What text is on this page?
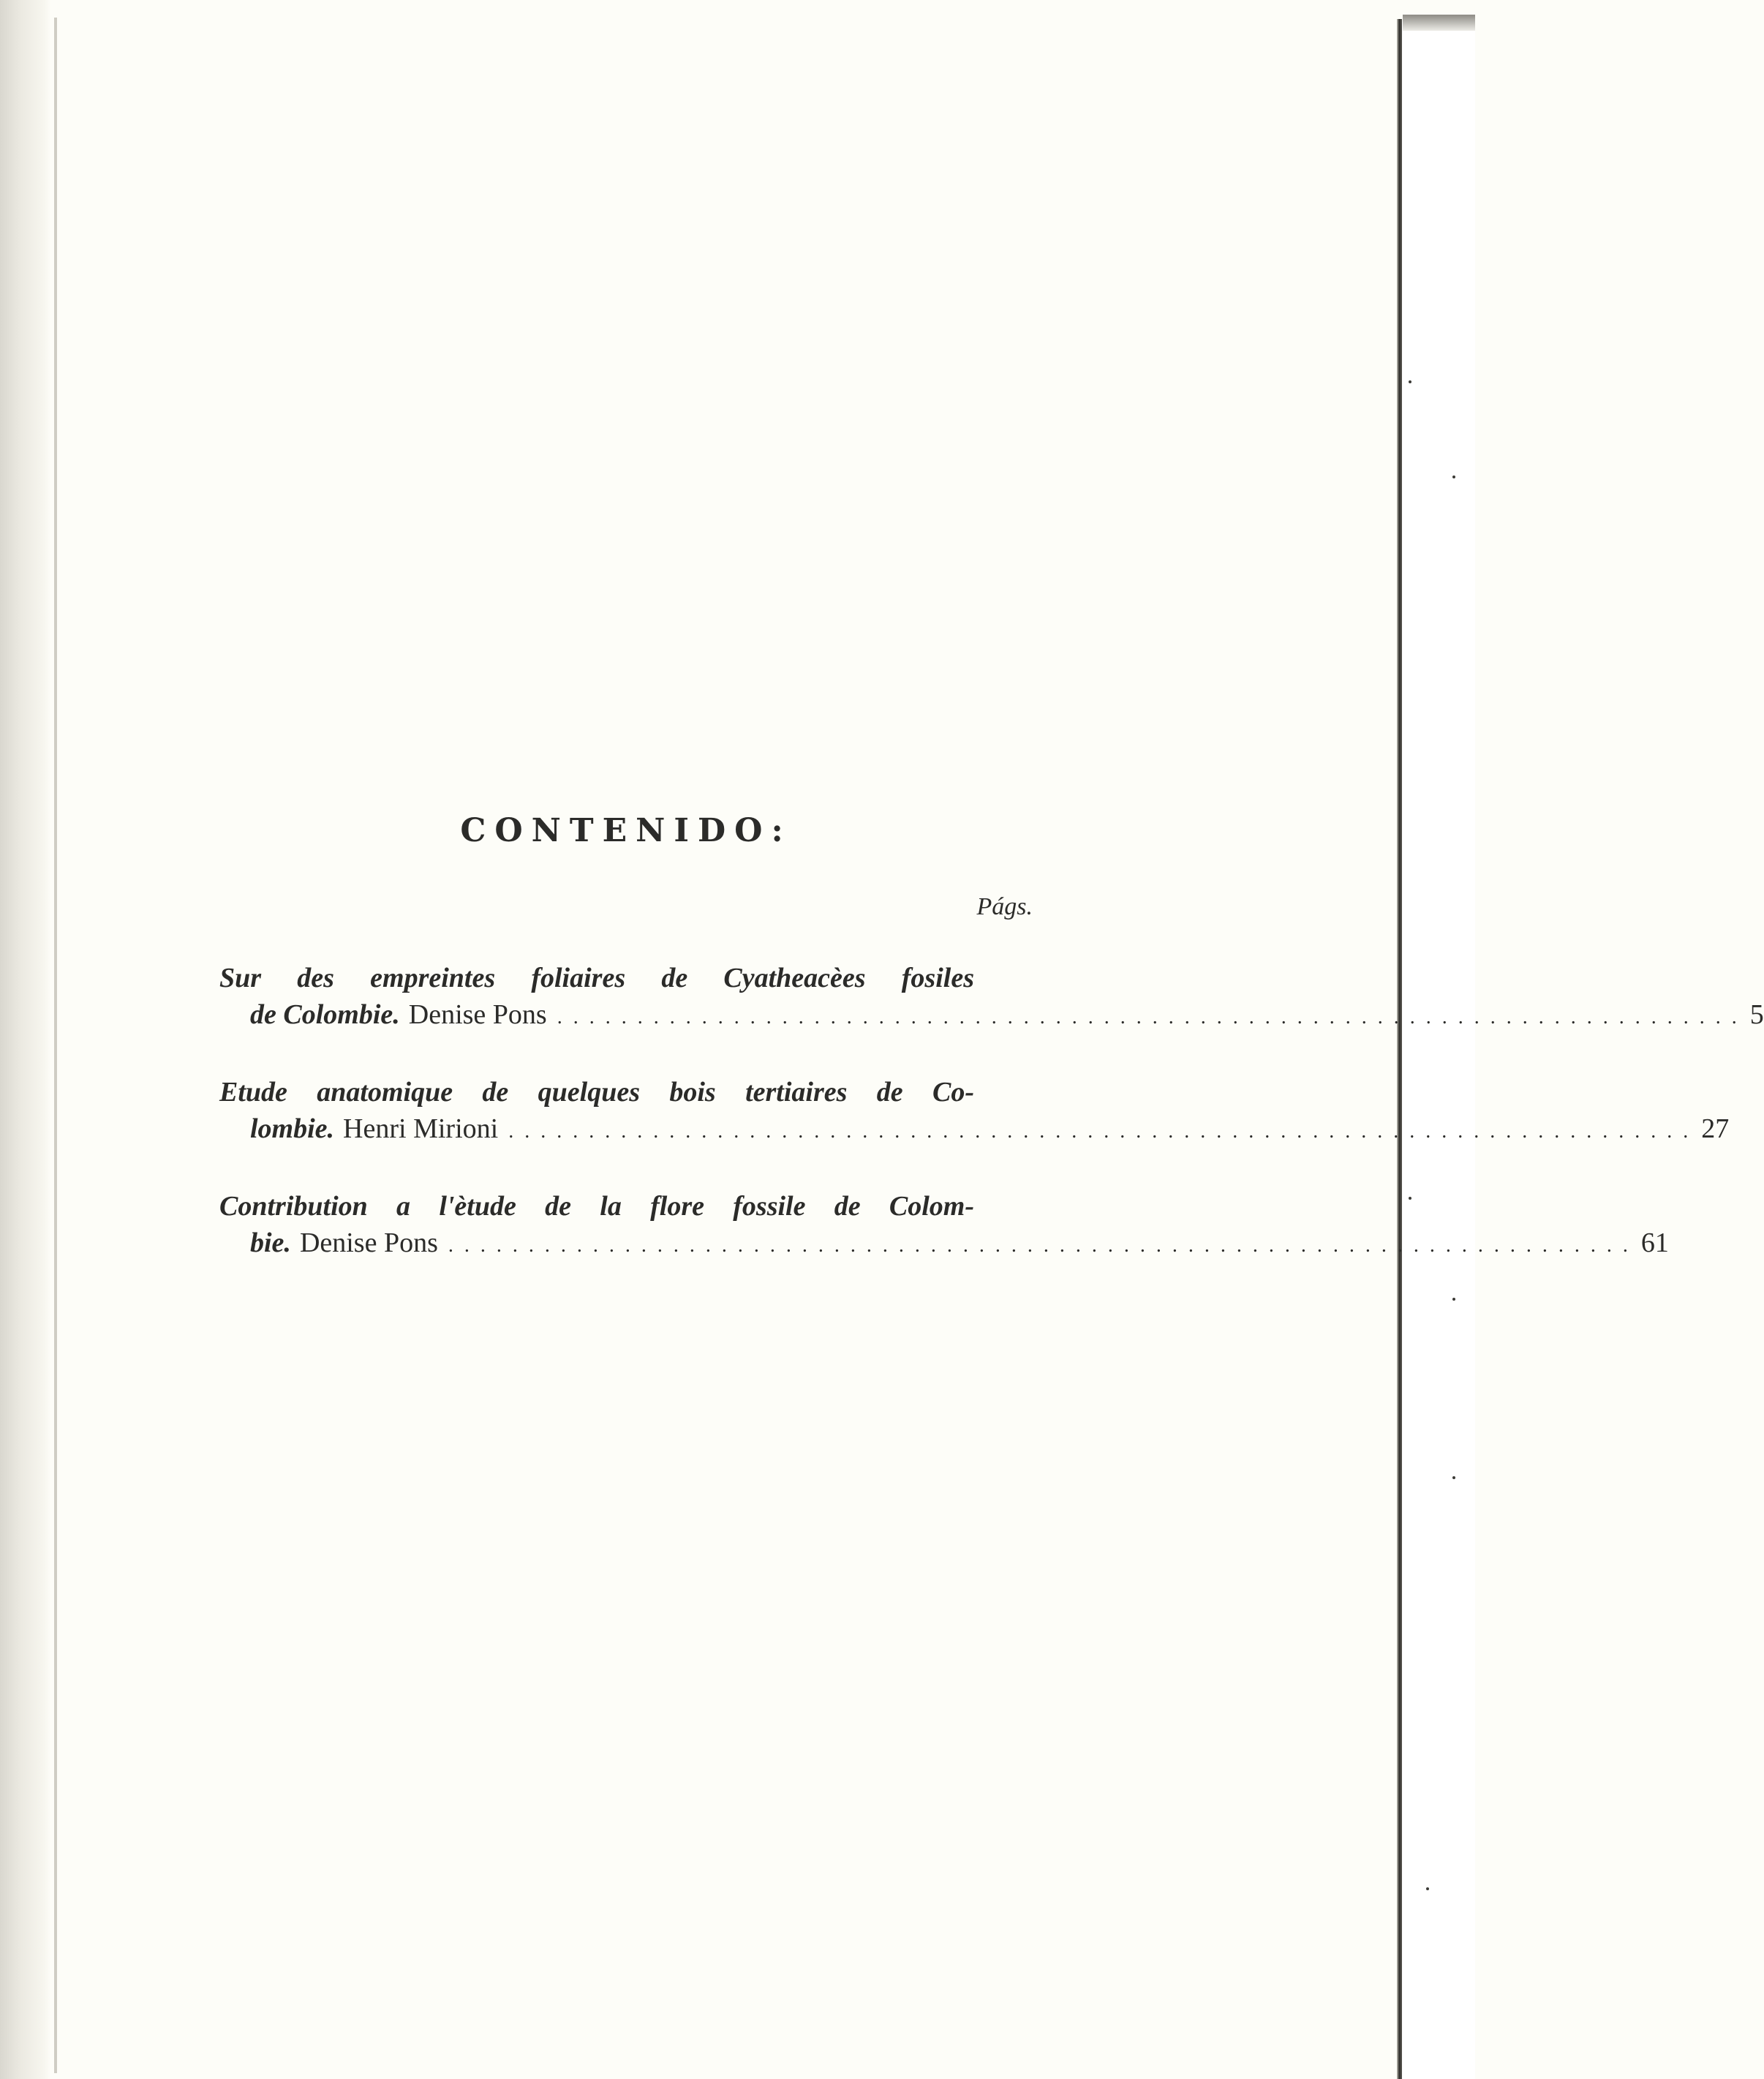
CONTENIDO:
Págs.
Sur des empreintes foliaires de Cyatheacèes fosiles
de Colombie. Denise Pons . . . . . . . . . . . . . . . . . . . . . . . . . . . . . . . . . . . . . . . . . . . . . . . . . . . . . . . . . . . . . . . . . . . . . . . . . . 5
Etude anatomique de quelques bois tertiaires de Co-
lombie. Henri Mirioni . . . . . . . . . . . . . . . . . . . . . . . . . . . . . . . . . . . . . . . . . . . . . . . . . . . . . . . . . . . . . . . . . . . . . . . . . . 27
Contribution a l'ètude de la flore fossile de Colom-
bie. Denise Pons . . . . . . . . . . . . . . . . . . . . . . . . . . . . . . . . . . . . . . . . . . . . . . . . . . . . . . . . . . . . . . . . . . . . . . . . . . 61
